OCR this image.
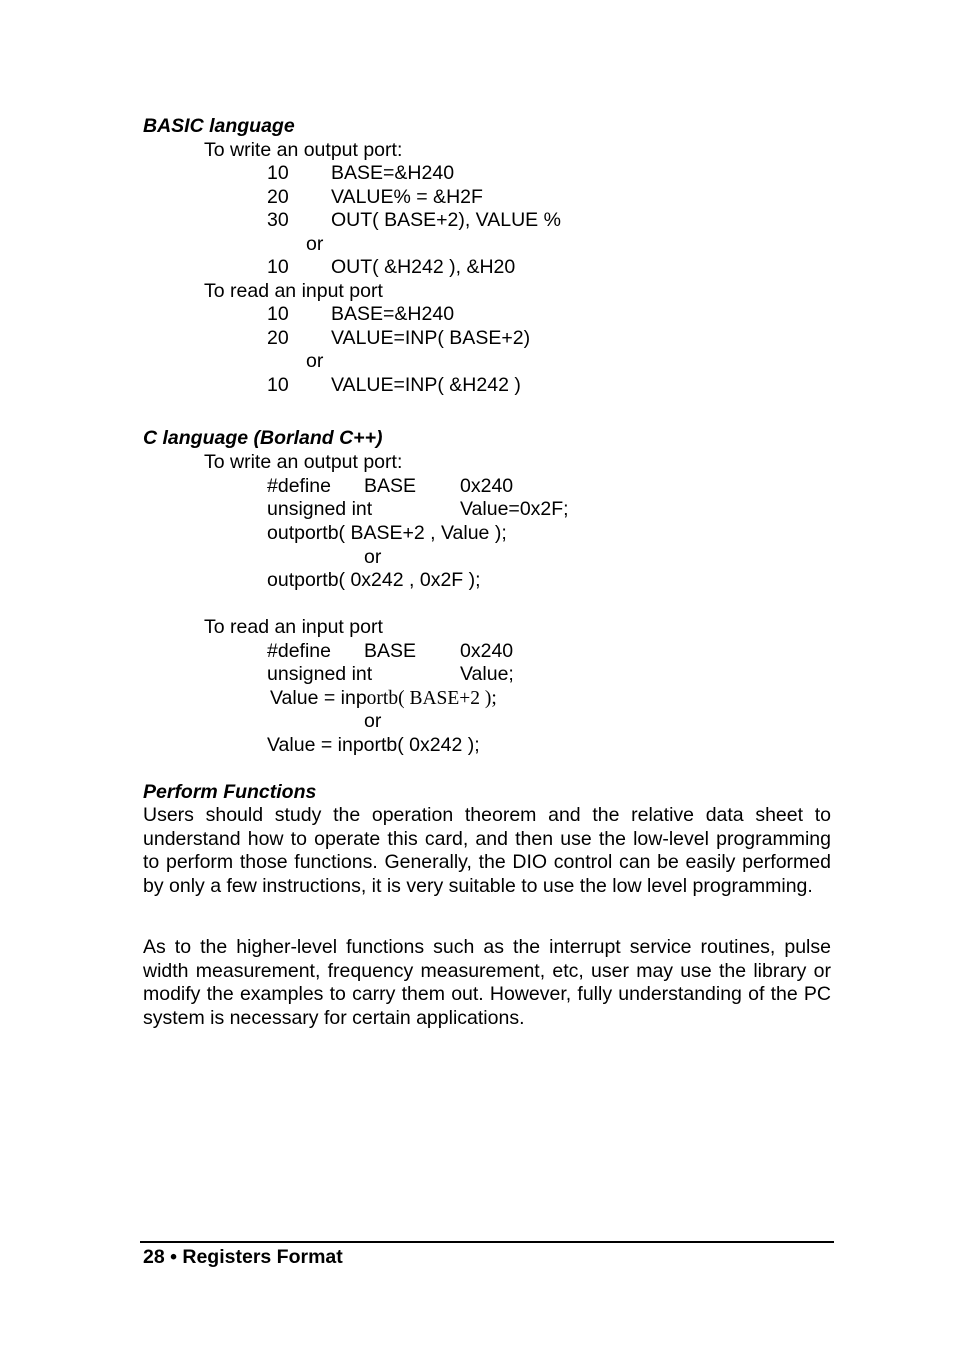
BASIC language
To write an output port:
10 BASE=&H240
20 VALUE% = &H2F
30 OUT( BASE+2), VALUE %
or
10 OUT( &H242 ), &H20
To read an input port
10 BASE=&H240
20 VALUE=INP( BASE+2)
or
10 VALUE=INP( &H242 )
C language (Borland C++)
To write an output port:
#define BASE 0x240
unsigned int	Value=0x2F;
outportb( BASE+2 , Value );
or
outportb( 0x242 , 0x2F );
To read an input port
#define BASE 0x240
unsigned int	Value;
Value = inportb( BASE+2 );
or
Value = inportb( 0x242 );
Perform Functions
Users should study the operation theorem and the relative data sheet to understand how to operate this card, and then use the low-level programming to perform those functions. Generally, the DIO control can be easily performed by only a few instructions, it is very suitable to use the low level programming.
As to the higher-level functions such as the interrupt service routines, pulse width measurement, frequency measurement, etc, user may use the library or modify the examples to carry them out. However, fully understanding of the PC system is necessary for certain applications.
28 • Registers Format
